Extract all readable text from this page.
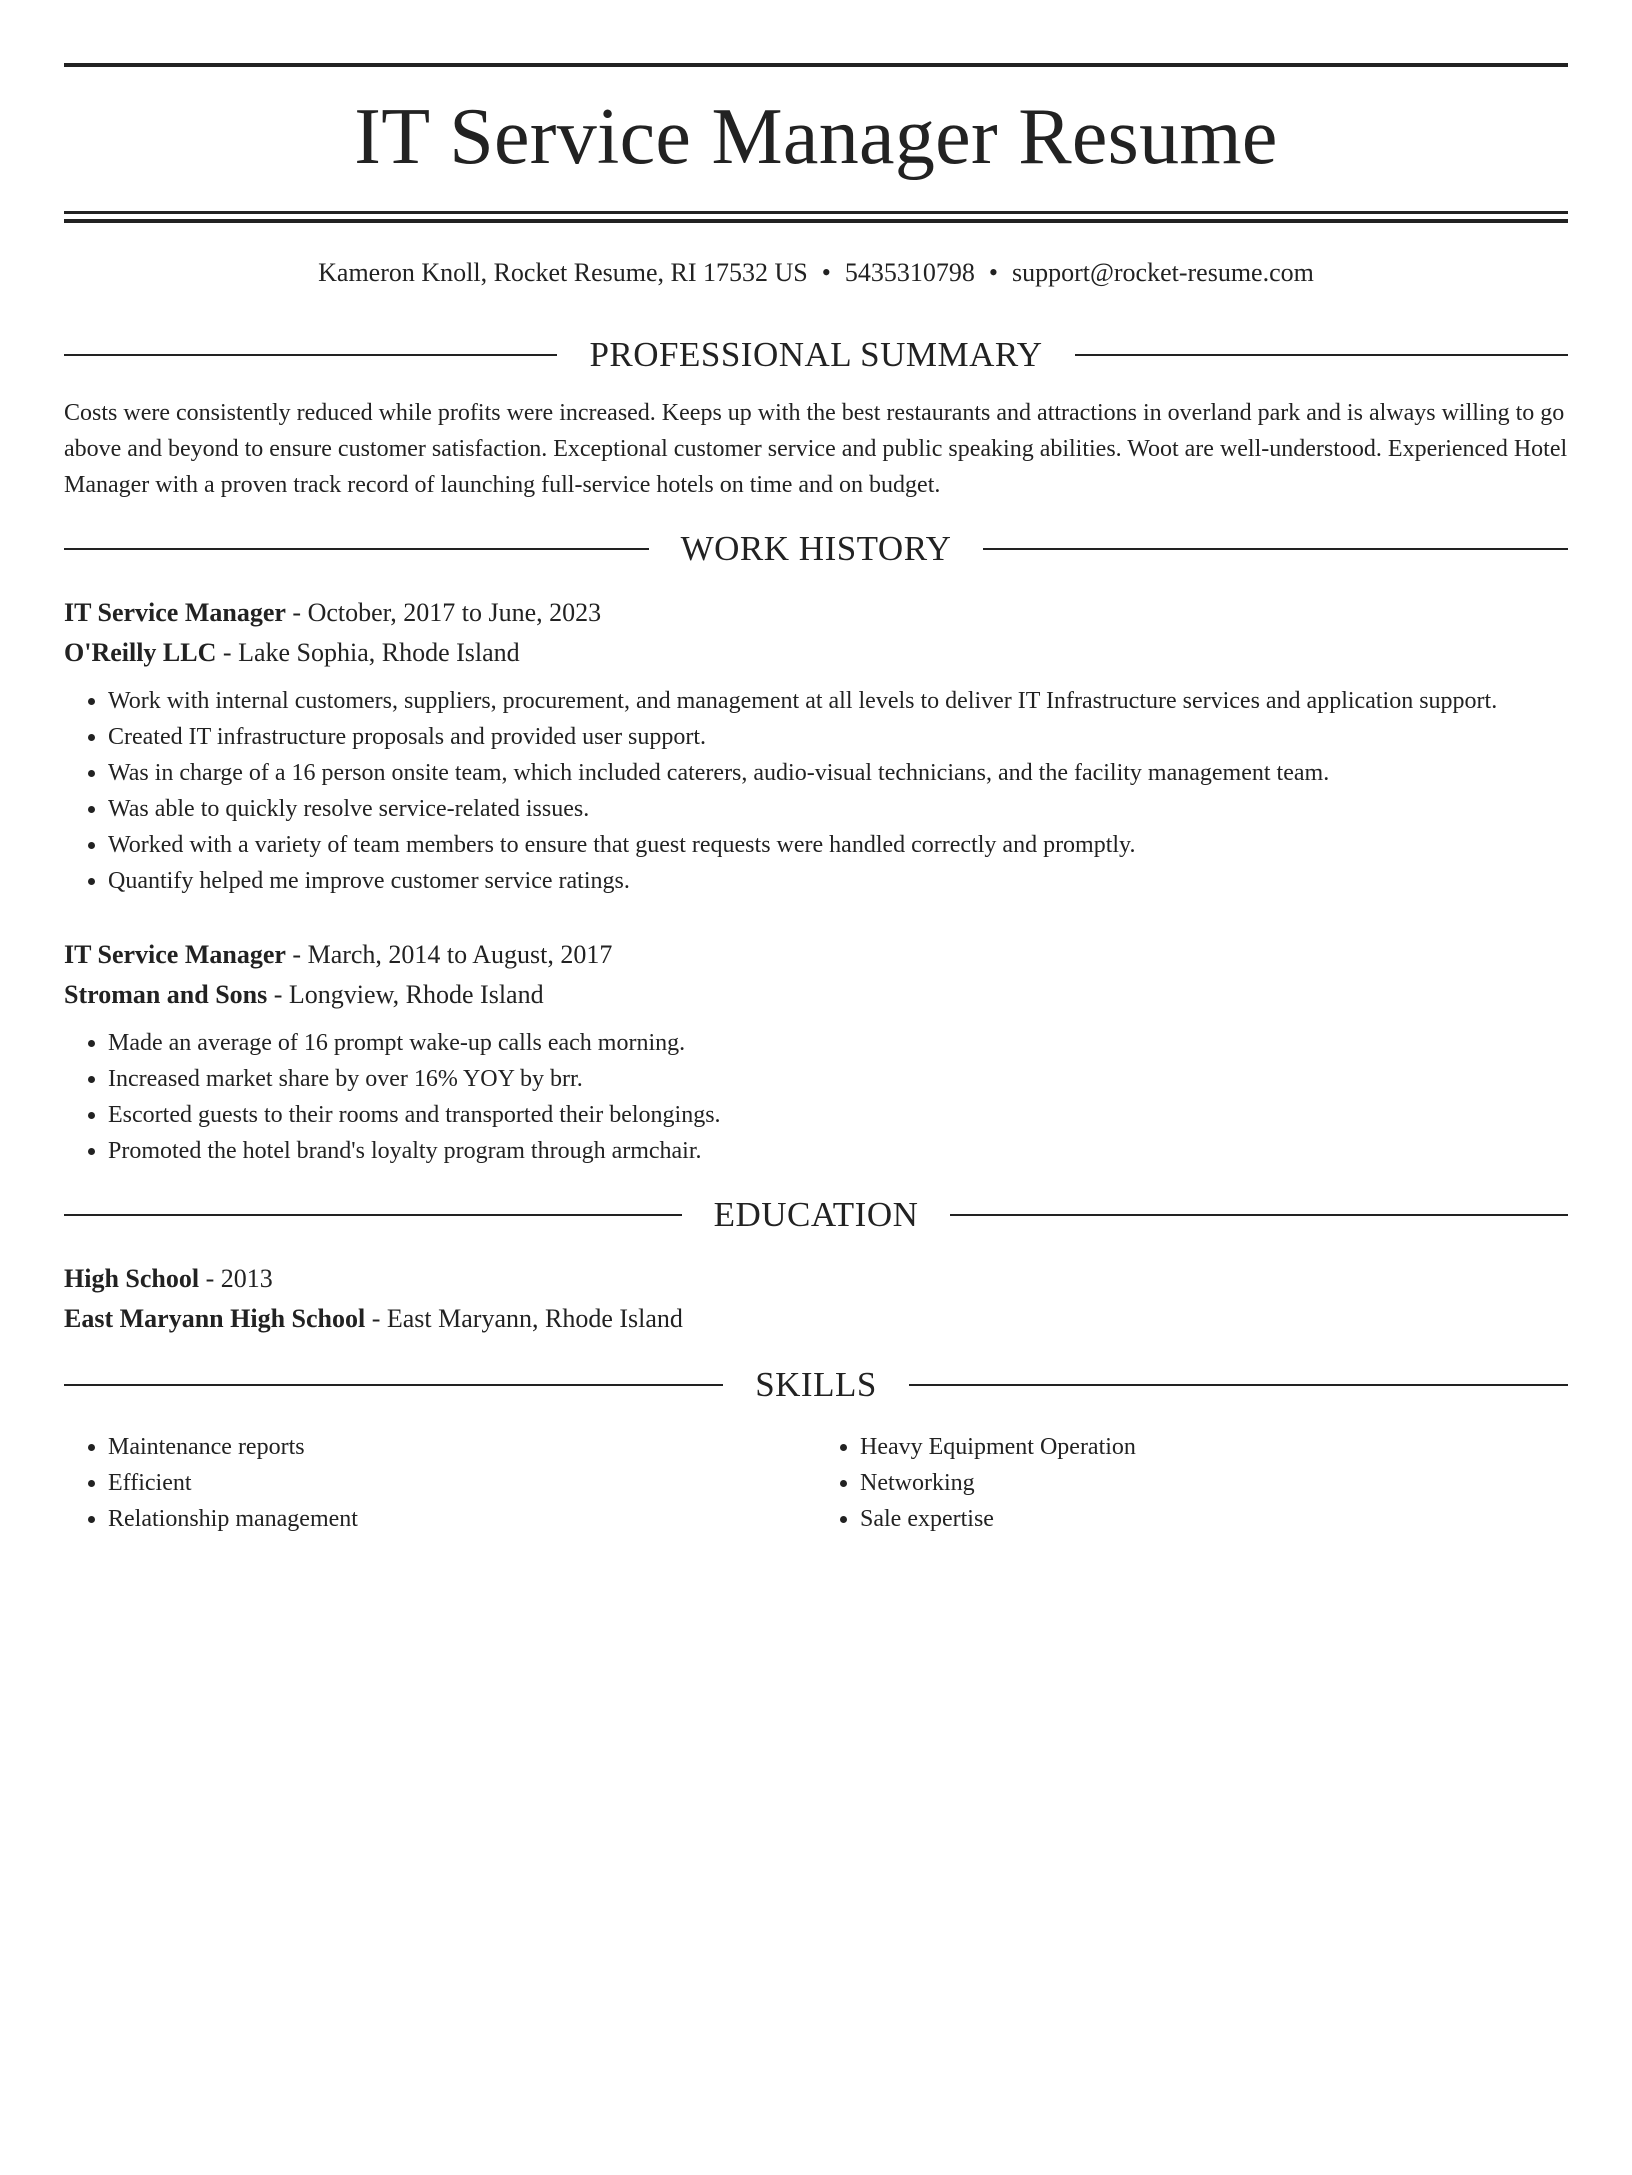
IT Service Manager Resume
Kameron Knoll, Rocket Resume, RI 17532 US • 5435310798 • support@rocket-resume.com
PROFESSIONAL SUMMARY
Costs were consistently reduced while profits were increased. Keeps up with the best restaurants and attractions in overland park and is always willing to go above and beyond to ensure customer satisfaction. Exceptional customer service and public speaking abilities. Woot are well-understood. Experienced Hotel Manager with a proven track record of launching full-service hotels on time and on budget.
WORK HISTORY
IT Service Manager - October, 2017 to June, 2023
O'Reilly LLC - Lake Sophia, Rhode Island
• Work with internal customers, suppliers, procurement, and management at all levels to deliver IT Infrastructure services and application support.
• Created IT infrastructure proposals and provided user support.
• Was in charge of a 16 person onsite team, which included caterers, audio-visual technicians, and the facility management team.
• Was able to quickly resolve service-related issues.
• Worked with a variety of team members to ensure that guest requests were handled correctly and promptly.
• Quantify helped me improve customer service ratings.
IT Service Manager - March, 2014 to August, 2017
Stroman and Sons - Longview, Rhode Island
• Made an average of 16 prompt wake-up calls each morning.
• Increased market share by over 16% YOY by brr.
• Escorted guests to their rooms and transported their belongings.
• Promoted the hotel brand's loyalty program through armchair.
EDUCATION
High School - 2013
East Maryann High School - East Maryann, Rhode Island
SKILLS
• Maintenance reports
• Efficient
• Relationship management
• Heavy Equipment Operation
• Networking
• Sale expertise
